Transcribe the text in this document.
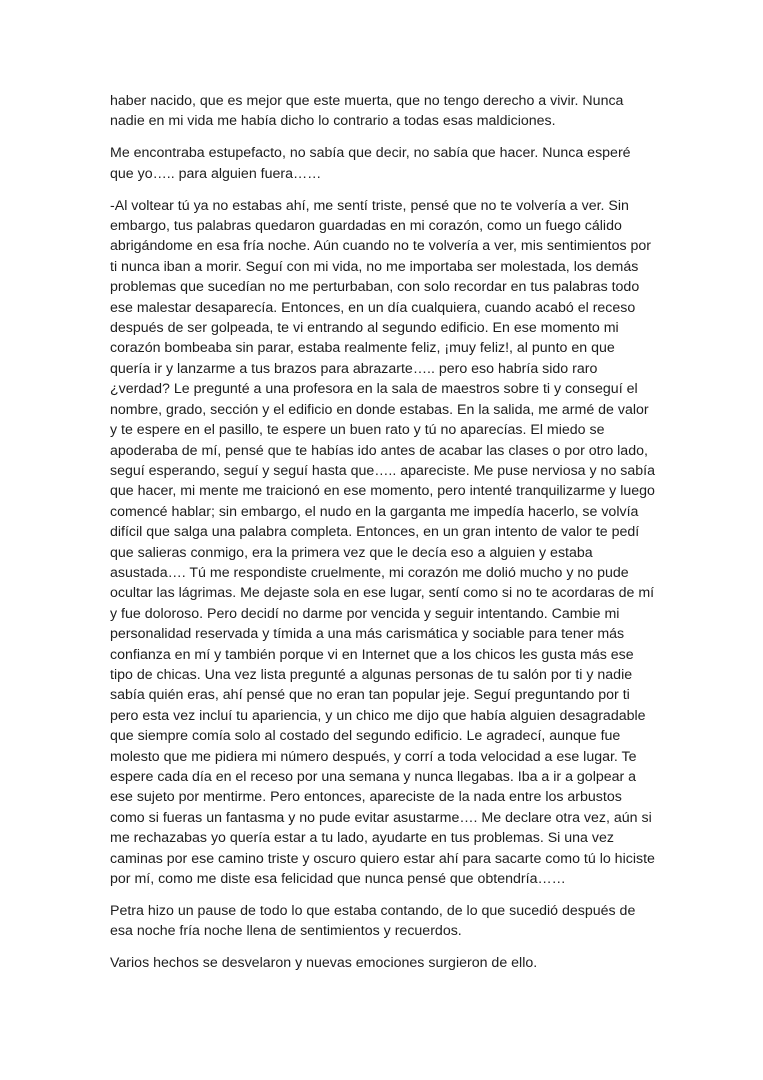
haber nacido, que es mejor que este muerta, que no tengo derecho a vivir. Nunca nadie en mi vida me había dicho lo contrario a todas esas maldiciones.

Me encontraba estupefacto, no sabía que decir, no sabía que hacer. Nunca esperé que yo….. para alguien fuera……

-Al voltear tú ya no estabas ahí, me sentí triste, pensé que no te volvería a ver. Sin embargo, tus palabras quedaron guardadas en mi corazón, como un fuego cálido abrigándome en esa fría noche. Aún cuando no te volvería a ver, mis sentimientos por ti nunca iban a morir. Seguí con mi vida, no me importaba ser molestada, los demás problemas que sucedían no me perturbaban, con solo recordar en tus palabras todo ese malestar desaparecía. Entonces, en un día cualquiera, cuando acabó el receso después de ser golpeada, te vi entrando al segundo edificio. En ese momento mi corazón bombeaba sin parar, estaba realmente feliz, ¡muy feliz!, al punto en que quería ir y lanzarme a tus brazos para abrazarte….. pero eso habría sido raro ¿verdad? Le pregunté a una profesora en la sala de maestros sobre ti y conseguí el nombre, grado, sección y el edificio en donde estabas. En la salida, me armé de valor y te espere en el pasillo, te espere un buen rato y tú no aparecías. El miedo se apoderaba de mí, pensé que te habías ido antes de acabar las clases o por otro lado, seguí esperando, seguí y seguí hasta que….. apareciste. Me puse nerviosa y no sabía que hacer, mi mente me traicionó en ese momento, pero intenté tranquilizarme y luego comencé hablar; sin embargo, el nudo en la garganta me impedía hacerlo, se volvía difícil que salga una palabra completa. Entonces, en un gran intento de valor te pedí que salieras conmigo, era la primera vez que le decía eso a alguien y estaba asustada…. Tú me respondiste cruelmente, mi corazón me dolió mucho y no pude ocultar las lágrimas. Me dejaste sola en ese lugar, sentí como si no te acordaras de mí y fue doloroso. Pero decidí no darme por vencida y seguir intentando. Cambie mi personalidad reservada y tímida a una más carismática y sociable para tener más confianza en mí y también porque vi en Internet que a los chicos les gusta más ese tipo de chicas. Una vez lista pregunté a algunas personas de tu salón por ti y nadie sabía quién eras, ahí pensé que no eran tan popular jeje. Seguí preguntando por ti pero esta vez incluí tu apariencia, y un chico me dijo que había alguien desagradable que siempre comía solo al costado del segundo edificio. Le agradecí, aunque fue molesto que me pidiera mi número después, y corrí a toda velocidad a ese lugar. Te espere cada día en el receso por una semana y nunca llegabas. Iba a ir a golpear a ese sujeto por mentirme. Pero entonces, apareciste de la nada entre los arbustos como si fueras un fantasma y no pude evitar asustarme…. Me declare otra vez, aún si me rechazabas yo quería estar a tu lado, ayudarte en tus problemas. Si una vez caminas por ese camino triste y oscuro quiero estar ahí para sacarte como tú lo hiciste por mí, como me diste esa felicidad que nunca pensé que obtendría……

Petra hizo un pause de todo lo que estaba contando, de lo que sucedió después de esa noche fría noche llena de sentimientos y recuerdos.

Varios hechos se desvelaron y nuevas emociones surgieron de ello.
